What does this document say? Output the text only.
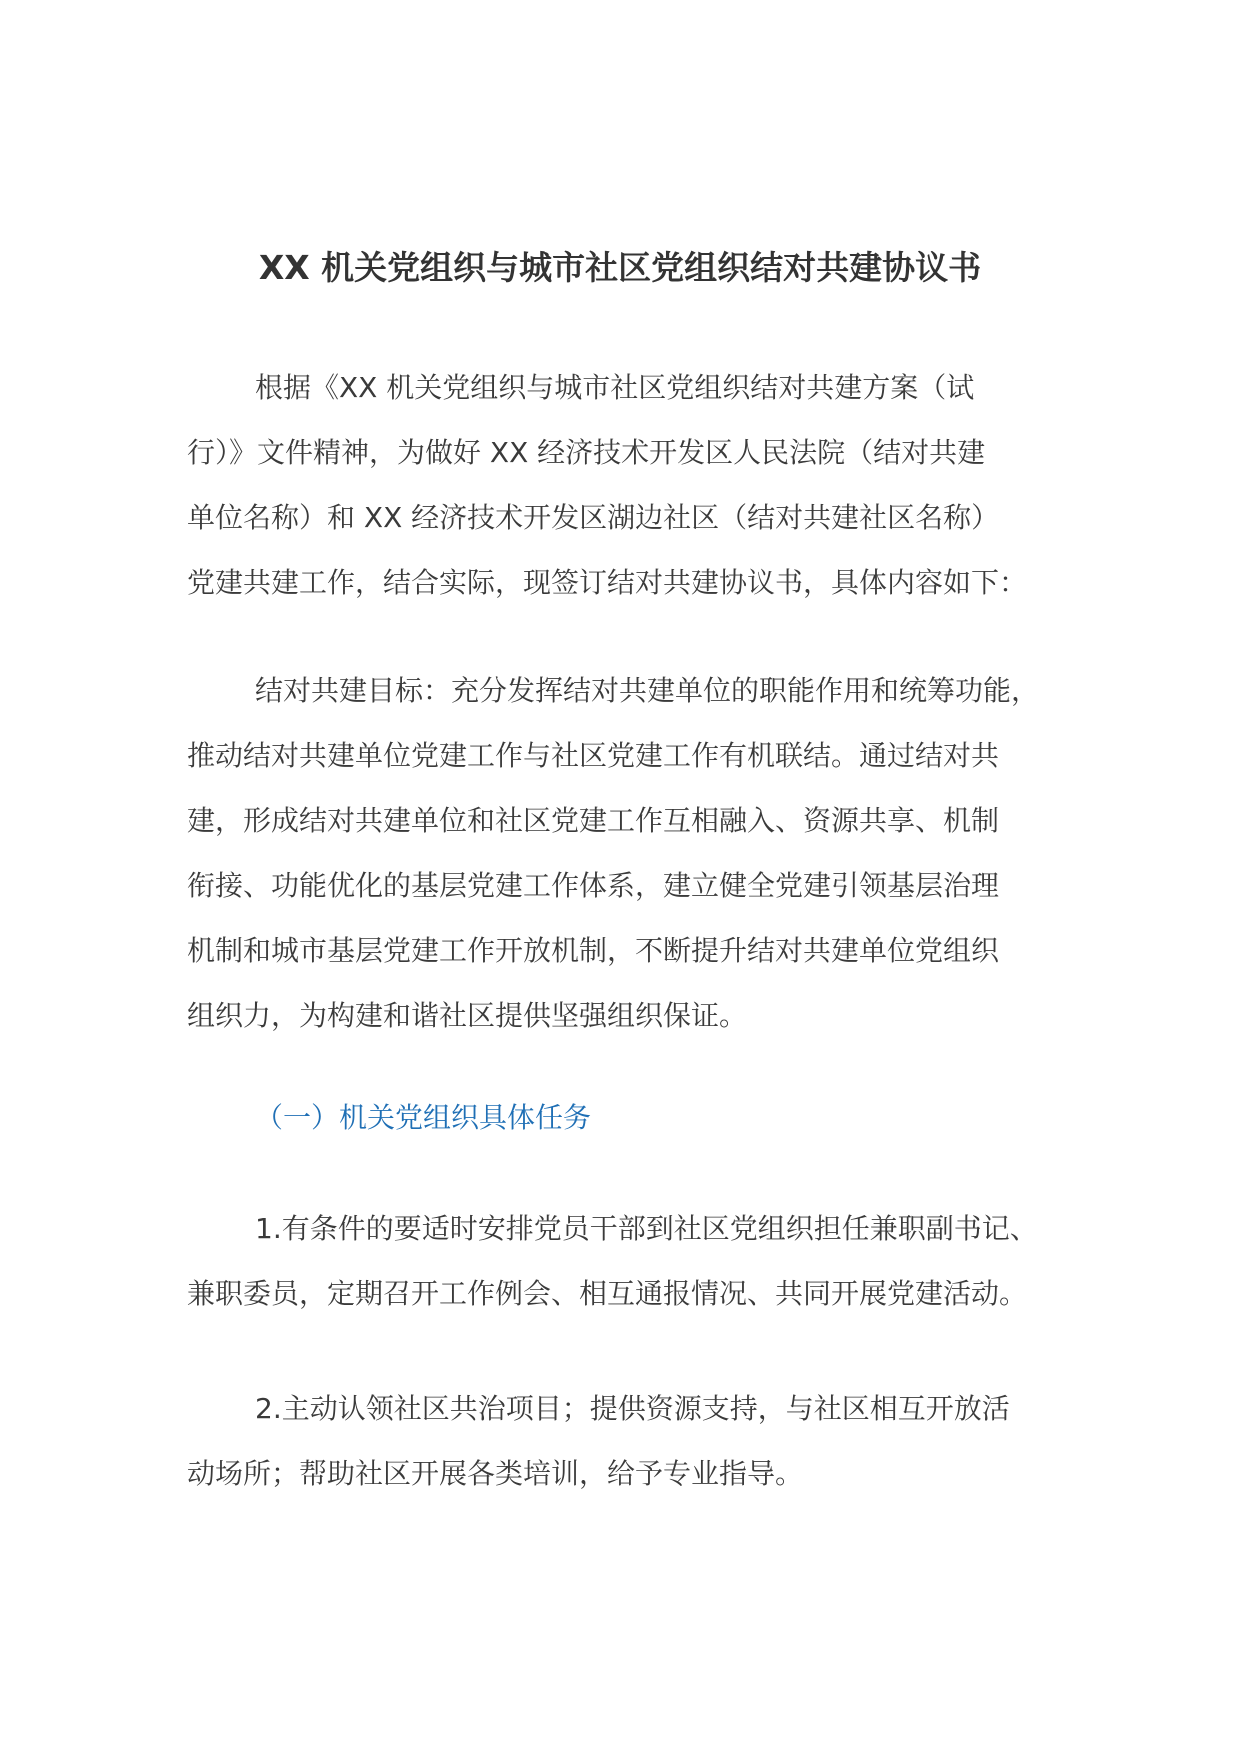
XX 机关党组织与城市社区党组织结对共建协议书
根据《XX 机关党组织与城市社区党组织结对共建方案（试
行）》文件精神，为做好 XX 经济技术开发区人民法院（结对共建
单位名称）和 XX 经济技术开发区湖边社区（结对共建社区名称）
党建共建工作，结合实际，现签订结对共建协议书，具体内容如下：
结对共建目标：充分发挥结对共建单位的职能作用和统筹功能，
推动结对共建单位党建工作与社区党建工作有机联结。通过结对共
建，形成结对共建单位和社区党建工作互相融入、资源共享、机制
衔接、功能优化的基层党建工作体系，建立健全党建引领基层治理
机制和城市基层党建工作开放机制，不断提升结对共建单位党组织
组织力，为构建和谐社区提供坚强组织保证。
（一）机关党组织具体任务
1.有条件的要适时安排党员干部到社区党组织担任兼职副书记、
兼职委员，定期召开工作例会、相互通报情况、共同开展党建活动。
2.主动认领社区共治项目；提供资源支持，与社区相互开放活
动场所；帮助社区开展各类培训，给予专业指导。
